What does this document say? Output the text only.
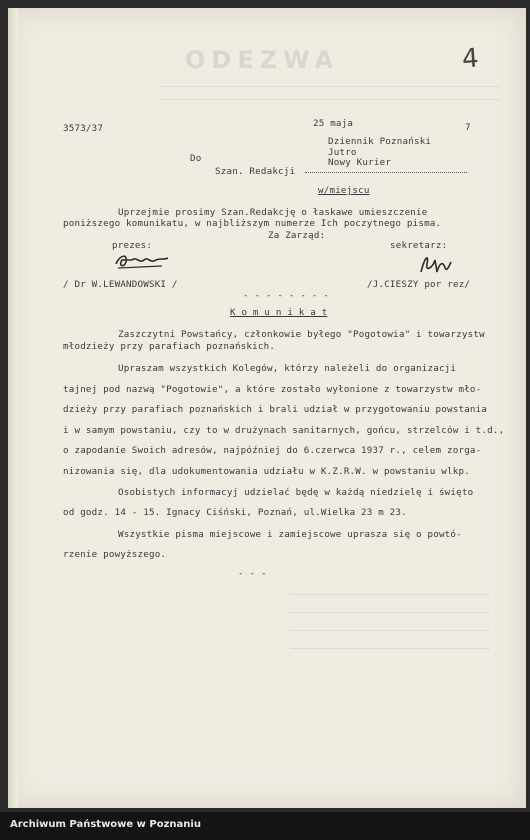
ODEZWA	4
3573/37	25 maja	7
Dziennik Poznański
Jutro
Nowy Kurier
Do
Szan. Redakcji
w/miejscu
Uprzejmie prosimy Szan.Redakcję o łaskawe umieszczenie
poniższego komunikatu, w najbliższym numerze Ich poczytnego pisma.
Za Zarząd:
prezes:	sekretarz:
/ Dr W.LEWANDOWSKI /	/J.CIESZY por rez/
- - - - - - - -
K o m u n i k a t
Zaszczytni Powstańcy, członkowie byłego "Pogotowia" i towarzystw
młodzieży przy parafiach poznańskich.
Upraszam wszystkich Kolegów, którzy należeli do organizacji
tajnej pod nazwą "Pogotowie", a które zostało wyłonione z towarzystw mło-
dzieży przy parafiach poznańskich i brali udział w przygotowaniu powstania
i w samym powstaniu, czy to w drużynach sanitarnych, gońcu, strzelców i t.d.,
o zapodanie Swoich adresów, najpóźniej do 6.czerwca 1937 r., celem zorga-
nizowania się, dla udokumentowania udziału w K.Z.R.W. w powstaniu wlkp.
Osobistych informacyj udzielać będę w każdą niedzielę i święto
od godz. 14 - 15. Ignacy Ciśński, Poznań, ul.Wielka 23 m 23.
Wszystkie pisma miejscowe i zamiejscowe uprasza się o powtó-
rzenie powyższego.
- - -
Archiwum Państwowe w Poznaniu
